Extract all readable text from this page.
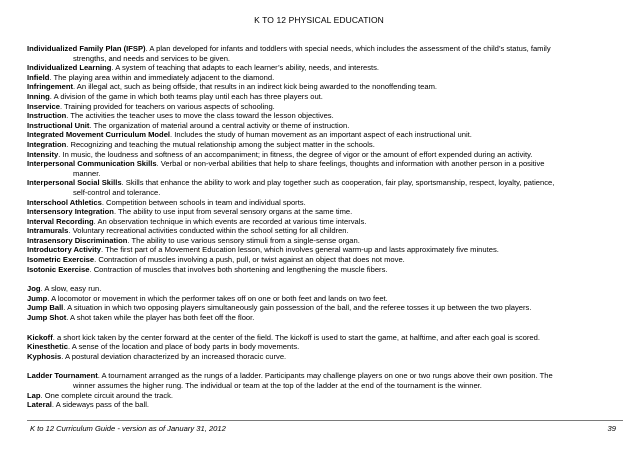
K TO 12 PHYSICAL EDUCATION
Individualized Family Plan (IFSP). A plan developed for infants and toddlers with special needs, which includes the assessment of the child’s status, family
strengths, and needs and services to be given.
Individualized Learning. A system of teaching that adapts to each learner’s ability, needs, and interests.
Infield. The playing area within and immediately adjacent to the diamond.
Infringement. An illegal act, such as being offside, that results in an indirect kick being awarded to the nonoffending team.
Inning. A division of the game in which both teams play until each has three players out.
Inservice. Training provided for teachers on various aspects of schooling.
Instruction. The activities the teacher uses to move the class toward the lesson objectives.
Instructional Unit. The organization of material around a central activity or theme of instruction.
Integrated Movement Curriculum Model. Includes the study of human movement as an important aspect of each instructional unit.
Integration. Recognizing and teaching the mutual relationship among the subject matter in the schools.
Intensity. In music, the loudness and softness of an accompaniment; in fitness, the degree of vigor or the amount of effort expended during an activity.
Interpersonal Communication Skills. Verbal or non-verbal abilities that help to share feelings, thoughts and information with another person in a positive
manner.
Interpersonal Social Skills. Skills that enhance the ability to work and play together such as cooperation, fair play, sportsmanship, respect, loyalty, patience,
self-control and tolerance.
Interschool Athletics. Competition between schools in team and individual sports.
Intersensory Integration. The ability to use input from several sensory organs at the same time.
Interval Recording. An observation technique in which events are recorded at various time intervals.
Intramurals. Voluntary recreational activities conducted within the school setting for all children.
Intrasensory Discrimination. The ability to use various sensory stimuli from a single-sense organ.
Introductory Activity. The first part of a Movement Education lesson, which involves general warm-up and lasts approximately five minutes.
Isometric Exercise. Contraction of muscles involving a push, pull, or twist against an object that does not move.
Isotonic Exercise. Contraction of muscles that involves both shortening and lengthening the muscle fibers.
Jog. A slow, easy run.
Jump. A locomotor or movement in which the performer takes off on one or both feet and lands on two feet.
Jump Ball. A situation in which two opposing players simultaneously gain possession of the ball, and the referee tosses it up between the two players.
Jump Shot. A shot taken while the player has both feet off the floor.
Kickoff. a short kick taken by the center forward at the center of the field. The kickoff is used to start the game, at halftime, and after each goal is scored.
Kinesthetic. A sense of the location and place of body parts in body movements.
Kyphosis. A postural deviation characterized by an increased thoracic curve.
Ladder Tournament. A tournament arranged as the rungs of a ladder. Participants may challenge players on one or two rungs above their own position. The
winner assumes the higher rung. The individual or team at the top of the ladder at the end of the tournament is the winner.
Lap. One complete circuit around the track.
Lateral. A sideways pass of the ball.
K to 12 Curriculum Guide - version as of January 31, 2012	39
